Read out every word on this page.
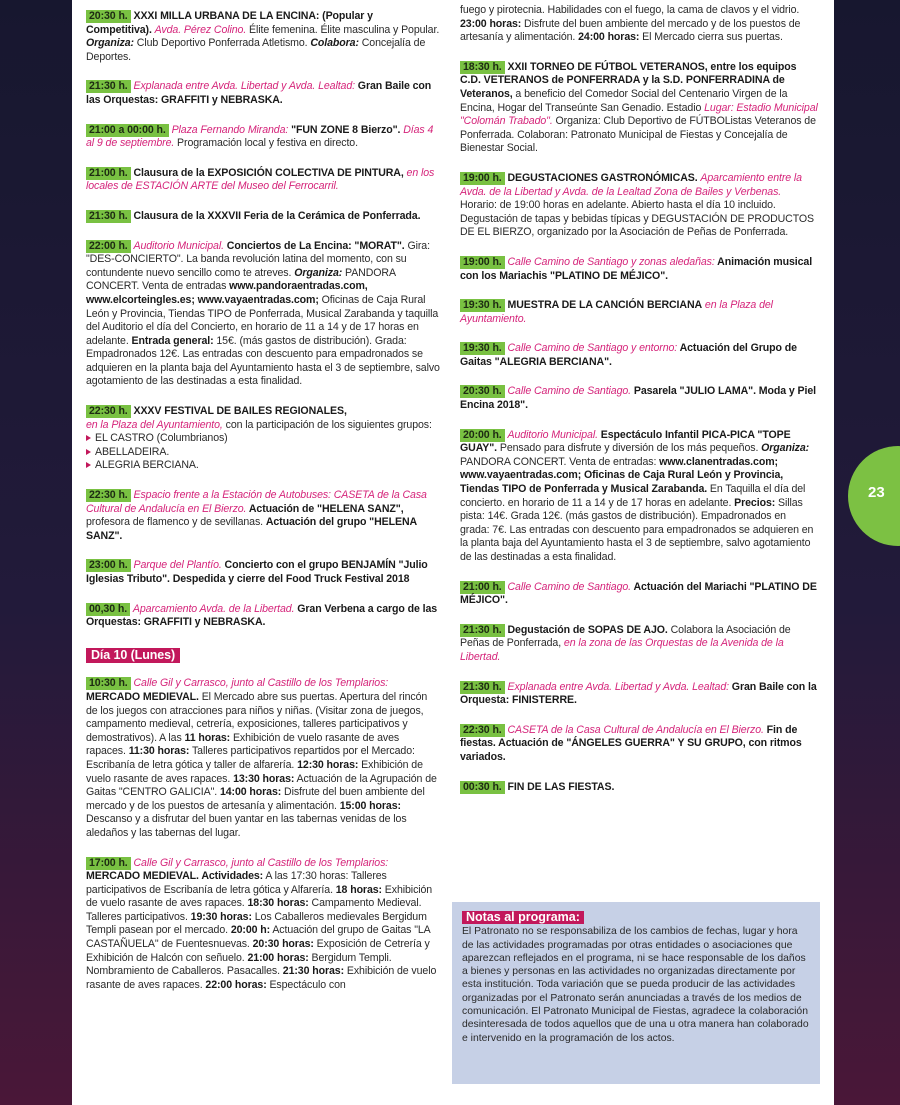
20:30 h. XXXI MILLA URBANA DE LA ENCINA: (Popular y Competitiva). Avda. Pérez Colino. Élite femenina. Élite masculina y Popular. Organiza: Club Deportivo Ponferrada Atletismo. Colabora: Concejalía de Deportes.
21:30 h. Explanada entre Avda. Libertad y Avda. Lealtad: Gran Baile con las Orquestas: GRAFFITI y NEBRASKA.
21:00 a 00:00 h. Plaza Fernando Miranda: "FUN ZONE 8 Bierzo". Días 4 al 9 de septiembre. Programación local y festiva en directo.
21:00 h. Clausura de la EXPOSICIÓN COLECTIVA DE PINTURA, en los locales de ESTACIÓN ARTE del Museo del Ferrocarril.
21:30 h. Clausura de la XXXVII Feria de la Cerámica de Ponferrada.
22:00 h. Auditorio Municipal. Conciertos de La Encina: "MORAT". Gira: "DES-CONCIERTO". La banda revolución latina del momento, con su contundente nuevo sencillo como te atreves. Organiza: PANDORA CONCERT. Venta de entradas www.pandoraentradas.com, www.elcorteingles.es; www.vayaentradas.com; Oficinas de Caja Rural León y Provincia, Tiendas TIPO de Ponferrada, Musical Zarabanda y taquilla del Auditorio el día del Concierto, en horario de 11 a 14 y de 17 horas en adelante. Entrada general: 15€. (más gastos de distribución). Grada: Empadronados 12€. Las entradas con descuento para empadronados se adquieren en la planta baja del Ayuntamiento hasta el 3 de septiembre, salvo agotamiento de las destinadas a esta finalidad.
22:30 h. XXXV FESTIVAL DE BAILES REGIONALES,
en la Plaza del Ayuntamiento, con la participación de los siguientes grupos:
EL CASTRO (Columbrianos)
ABELLADEIRA.
ALEGRIA BERCIANA.
22:30 h. Espacio frente a la Estación de Autobuses: CASETA de la Casa Cultural de Andalucía en El Bierzo. Actuación de "HELENA SANZ", profesora de flamenco y de sevillanas. Actuación del grupo "HELENA SANZ".
23:00 h. Parque del Plantío. Concierto con el grupo BENJAMÍN "Julio Iglesias Tributo". Despedida y cierre del Food Truck Festival 2018
00,30 h. Aparcamiento Avda. de la Libertad. Gran Verbena a cargo de las Orquestas: GRAFFITI y NEBRASKA.
Día 10 (Lunes)
10:30 h. Calle Gil y Carrasco, junto al Castillo de los Templarios: MERCADO MEDIEVAL. El Mercado abre sus puertas. Apertura del rincón de los juegos con atracciones para niños y niñas. (Visitar zona de juegos, campamento medieval, cetrería, exposiciones, talleres participativos y demostrativos). A las 11 horas: Exhibición de vuelo rasante de aves rapaces. 11:30 horas: Talleres participativos repartidos por el Mercado: Escribanía de letra gótica y taller de alfarería. 12:30 horas: Exhibición de vuelo rasante de aves rapaces. 13:30 horas: Actuación de la Agrupación de Gaitas "CENTRO GALICIA". 14:00 horas: Disfrute del buen ambiente del mercado y de los puestos de artesanía y alimentación. 15:00 horas: Descanso y a disfrutar del buen yantar en las tabernas venidas de los aledaños y las tabernas del lugar.
17:00 h. Calle Gil y Carrasco, junto al Castillo de los Templarios: MERCADO MEDIEVAL. Actividades: A las 17:30 horas: Talleres participativos de Escribanía de letra gótica y Alfarería. 18 horas: Exhibición de vuelo rasante de aves rapaces. 18:30 horas: Campamento Medieval. Talleres participativos. 19:30 horas: Los Caballeros medievales Bergidum Templi pasean por el mercado. 20:00 h: Actuación del grupo de Gaitas "LA CASTAÑUELA" de Fuentesnuevas. 20:30 horas: Exposición de Cetrería y Exhibición de Halcón con señuelo. 21:00 horas: Bergidum Templi. Nombramiento de Caballeros. Pasacalles. 21:30 horas: Exhibición de vuelo rasante de aves rapaces. 22:00 horas: Espectáculo con
fuego y pirotecnia. Habilidades con el fuego, la cama de clavos y el vidrio. 23:00 horas: Disfrute del buen ambiente del mercado y de los puestos de artesanía y alimentación. 24:00 horas: El Mercado cierra sus puertas.
18:30 h. XXII TORNEO DE FÚTBOL VETERANOS, entre los equipos C.D. VETERANOS de PONFERRADA y la S.D. PONFERRADINA de Veteranos, a beneficio del Comedor Social del Centenario Virgen de la Encina, Hogar del Transeúnte San Genadio. Estadio Lugar: Estadio Municipal "Colomán Trabado". Organiza: Club Deportivo de FÚTBOListas Veteranos de Ponferrada. Colaboran: Patronato Municipal de Fiestas y Concejalía de Bienestar Social.
19:00 h. DEGUSTACIONES GASTRONÓMICAS. Aparcamiento entre la Avda. de la Libertad y Avda. de la Lealtad Zona de Bailes y Verbenas. Horario: de 19:00 horas en adelante. Abierto hasta el día 10 incluido. Degustación de tapas y bebidas típicas y DEGUSTACIÓN DE PRODUCTOS DE EL BIERZO, organizado por la Asociación de Peñas de Ponferrada.
19:00 h. Calle Camino de Santiago y zonas aledañas: Animación musical con los Mariachis "PLATINO DE MÉJICO".
19:30 h. MUESTRA DE LA CANCIÓN BERCIANA en la Plaza del Ayuntamiento.
19:30 h. Calle Camino de Santiago y entorno: Actuación del Grupo de Gaitas "ALEGRIA BERCIANA".
20:30 h. Calle Camino de Santiago. Pasarela "JULIO LAMA". Moda y Piel Encina 2018".
20:00 h. Auditorio Municipal. Espectáculo Infantil PICA-PICA "TOPE GUAY". Pensado para disfrute y diversión de los más pequeños. Organiza: PANDORA CONCERT. Venta de entradas: www.clanentradas.com; www.vayaentradas.com; Oficinas de Caja Rural León y Provincia, Tiendas TIPO de Ponferrada y Musical Zarabanda. En Taquilla el día del concierto. en horario de 11 a 14 y de 17 horas en adelante. Precios: Sillas pista: 14€. Grada 12€. (más gastos de distribución). Empadronados en grada: 7€. Las entradas con descuento para empadronados se adquieren en la planta baja del Ayuntamiento hasta el 3 de septiembre, salvo agotamiento de las destinadas a esta finalidad.
21:00 h. Calle Camino de Santiago. Actuación del Mariachi "PLATINO DE MÉJICO".
21:30 h. Degustación de SOPAS DE AJO. Colabora la Asociación de Peñas de Ponferrada, en la zona de las Orquestas de la Avenida de la Libertad.
21:30 h. Explanada entre Avda. Libertad y Avda. Lealtad: Gran Baile con la Orquesta: FINISTERRE.
22:30 h. CASETA de la Casa Cultural de Andalucía en El Bierzo. Fin de fiestas. Actuación de "ÁNGELES GUERRA" Y SU GRUPO, con ritmos variados.
00:30 h. FIN DE LAS FIESTAS.
Notas al programa:
El Patronato no se responsabiliza de los cambios de fechas, lugar y hora de las actividades programadas por otras entidades o asociaciones que aparezcan reflejados en el programa, ni se hace responsable de los daños a bienes y personas en las actividades no organizadas directamente por esta institución. Toda variación que se pueda producir de las actividades organizadas por el Patronato serán anunciadas a través de los medios de comunicación. El Patronato Municipal de Fiestas, agradece la colaboración desinteresada de todos aquellos que de una u otra manera han colaborado e intervenido en la programación de los actos.
23
